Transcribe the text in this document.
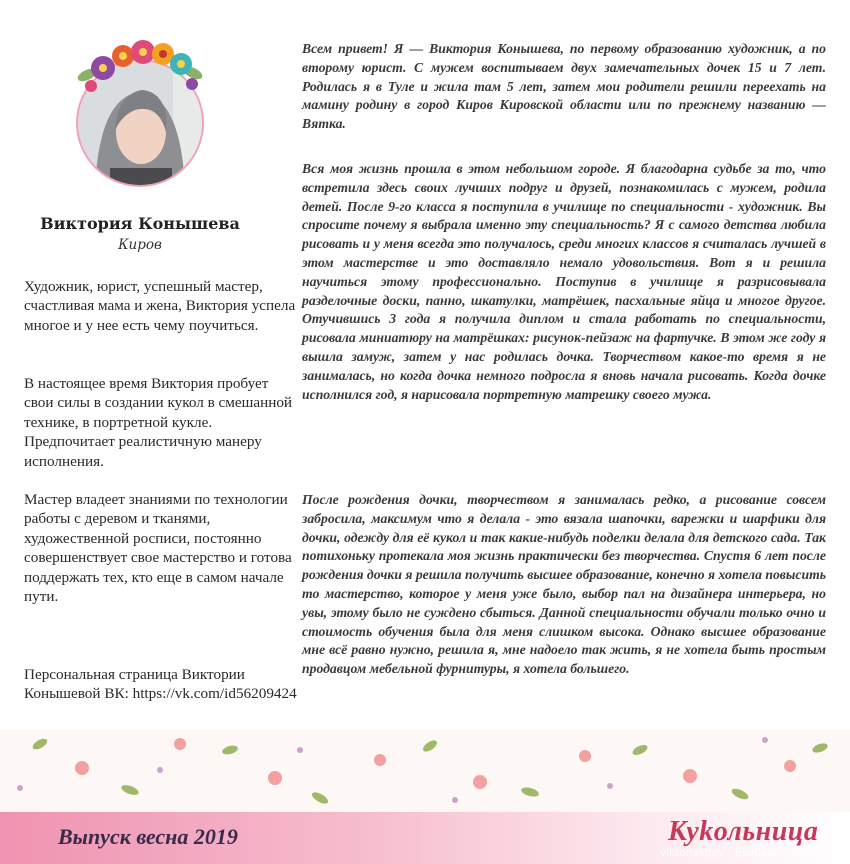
Виктория Конышева
Киров

Художник, юрист, успешный мастер, счастливая мама и жена, Виктория успела многое и у нее есть чему поучиться.

В настоящее время Виктория пробует свои силы в создании кукол в смешанной технике, в портретной кукле. Предпочитает реалистичную манеру исполнения.

Мастер владеет знаниями по технологии работы с деревом и тканями, художественной росписи, постоянно совершенствует свое мастерство и готова поддержать тех, кто еще в самом начале пути.

Персональная страница Виктории Конышевой ВК: https://vk.com/id56209424

Всем привет! Я — Виктория Конышева, по первому образованию художник, а по второму юрист. С мужем воспитываем двух замечательных дочек 15 и 7 лет. Родилась я в Туле и жила там 5 лет, затем мои родители решили переехать на мамину родину в город Киров Кировской области или по прежнему названию — Вятка.

Вся моя жизнь прошла в этом небольшом городе. Я благодарна судьбе за то, что встретила здесь своих лучших подруг и друзей, познакомилась с мужем, родила детей. После 9-го класса я поступила в училище по специальности - художник. Вы спросите почему я выбрала именно эту специальность? Я с самого детства любила рисовать и у меня всегда это получалось, среди многих классов я считалась лучшей в этом мастерстве и это доставляло немало удовольствия. Вот я и решила научиться этому профессионально. Поступив в училище я разрисовывала разделочные доски, панно, шкатулки, матрёшек, пасхальные яйца и многое другое. Отучившись 3 года я получила диплом и стала работать по специальности, рисовала миниатюру на матрёшках: рисунок-пейзаж на фартучке. В этом же году я вышла замуж, затем у нас родилась дочка. Творчеством какое-то время я не занималась, но когда дочка немного подросла я вновь начала рисовать. Когда дочке исполнился год, я нарисовала портретную матрешку своего мужа.

После рождения дочки, творчеством я занималась редко, а рисование совсем забросила, максимум что я делала - это вязала шапочки, варежки и шарфики для дочки, одежду для её кукол и так какие-нибудь поделки делала для детского сада. Так потихоньку протекала моя жизнь практически без творчества. Спустя 6 лет после рождения дочки я решила получить высшее образование, конечно я хотела повысить то мастерство, которое у меня уже было, выбор пал на дизайнера интерьера, но увы, этому было не суждено сбыться. Данной специальности обучали только очно и стоимость обучения была для меня слишком высока. Однако высшее образование мне всё равно нужно, решила я, мне надоело так жить, я не хотела быть простым продавцом мебельной фурнитуры, я хотела большего.

Выпуск весна 2019	Куkольница
viktonakirov · Бэйбики · babiki.ru
